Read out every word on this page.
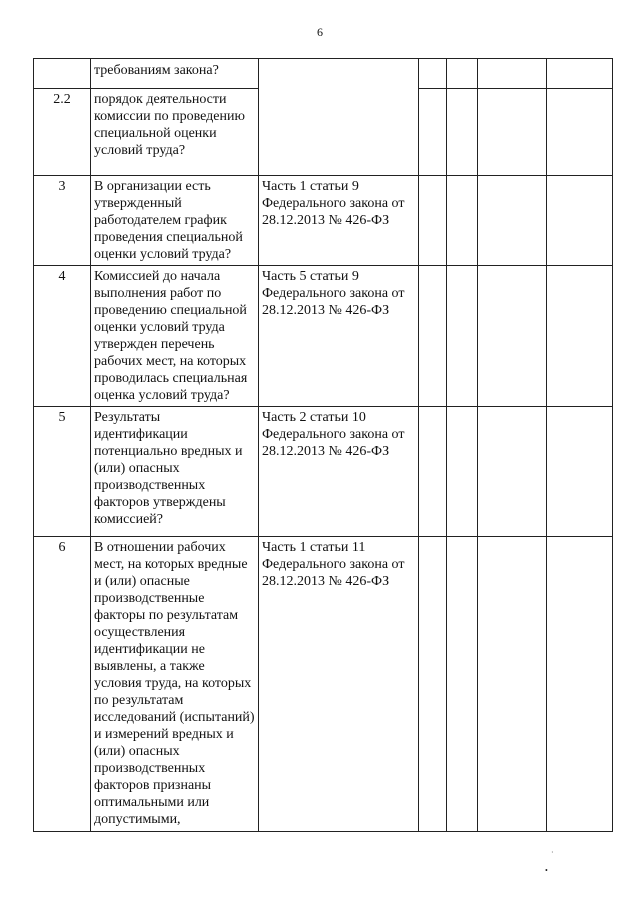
6
	требованиям закона?					
2.2	порядок деятельности комиссии по проведению специальной оценки условий труда?					
3	В организации есть утвержденный работодателем график проведения специальной оценки условий труда?	Часть 1 статьи 9 Федерального закона от 28.12.2013 № 426-ФЗ				
4	Комиссией до начала выполнения работ по проведению специальной оценки условий труда утвержден перечень рабочих мест, на которых проводилась специальная оценка условий труда?	Часть 5 статьи 9 Федерального закона от 28.12.2013 № 426-ФЗ				
5	Результаты идентификации потенциально вредных и (или) опасных производственных факторов утверждены комиссией?	Часть 2 статьи 10 Федерального закона от 28.12.2013 № 426-ФЗ				
6	В отношении рабочих мест, на которых вредные и (или) опасные производственные факторы по результатам осуществления идентификации не выявлены, а также условия труда, на которых по результатам исследований (испытаний) и измерений вредных и (или) опасных производственных факторов признаны оптимальными или допустимыми,	Часть 1 статьи 11 Федерального закона от 28.12.2013 № 426-ФЗ				
·
•
